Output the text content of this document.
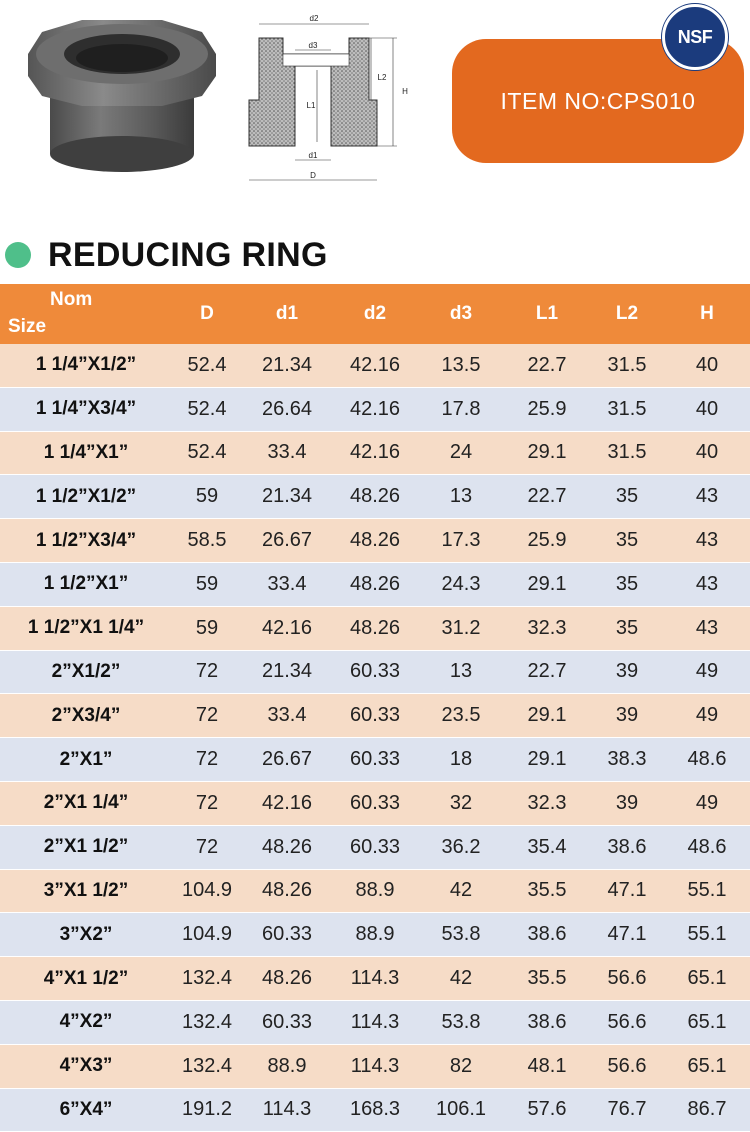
d2
d3
L1
L2
H
d1
D
ITEM NO:CPS010
NSF
REDUCING RING
Nom
Size	D	d1	d2	d3	L1	L2	H
1 1/4”X1/2”	52.4	21.34	42.16	13.5	22.7	31.5	40
1 1/4”X3/4”	52.4	26.64	42.16	17.8	25.9	31.5	40
1 1/4”X1”	52.4	33.4	42.16	24	29.1	31.5	40
1 1/2”X1/2”	59	21.34	48.26	13	22.7	35	43
1 1/2”X3/4”	58.5	26.67	48.26	17.3	25.9	35	43
1 1/2”X1”	59	33.4	48.26	24.3	29.1	35	43
1 1/2”X1 1/4”	59	42.16	48.26	31.2	32.3	35	43
2”X1/2”	72	21.34	60.33	13	22.7	39	49
2”X3/4”	72	33.4	60.33	23.5	29.1	39	49
2”X1”	72	26.67	60.33	18	29.1	38.3	48.6
2”X1 1/4”	72	42.16	60.33	32	32.3	39	49
2”X1 1/2”	72	48.26	60.33	36.2	35.4	38.6	48.6
3”X1 1/2”	104.9	48.26	88.9	42	35.5	47.1	55.1
3”X2”	104.9	60.33	88.9	53.8	38.6	47.1	55.1
4”X1 1/2”	132.4	48.26	114.3	42	35.5	56.6	65.1
4”X2”	132.4	60.33	114.3	53.8	38.6	56.6	65.1
4”X3”	132.4	88.9	114.3	82	48.1	56.6	65.1
6”X4”	191.2	114.3	168.3	106.1	57.6	76.7	86.7
